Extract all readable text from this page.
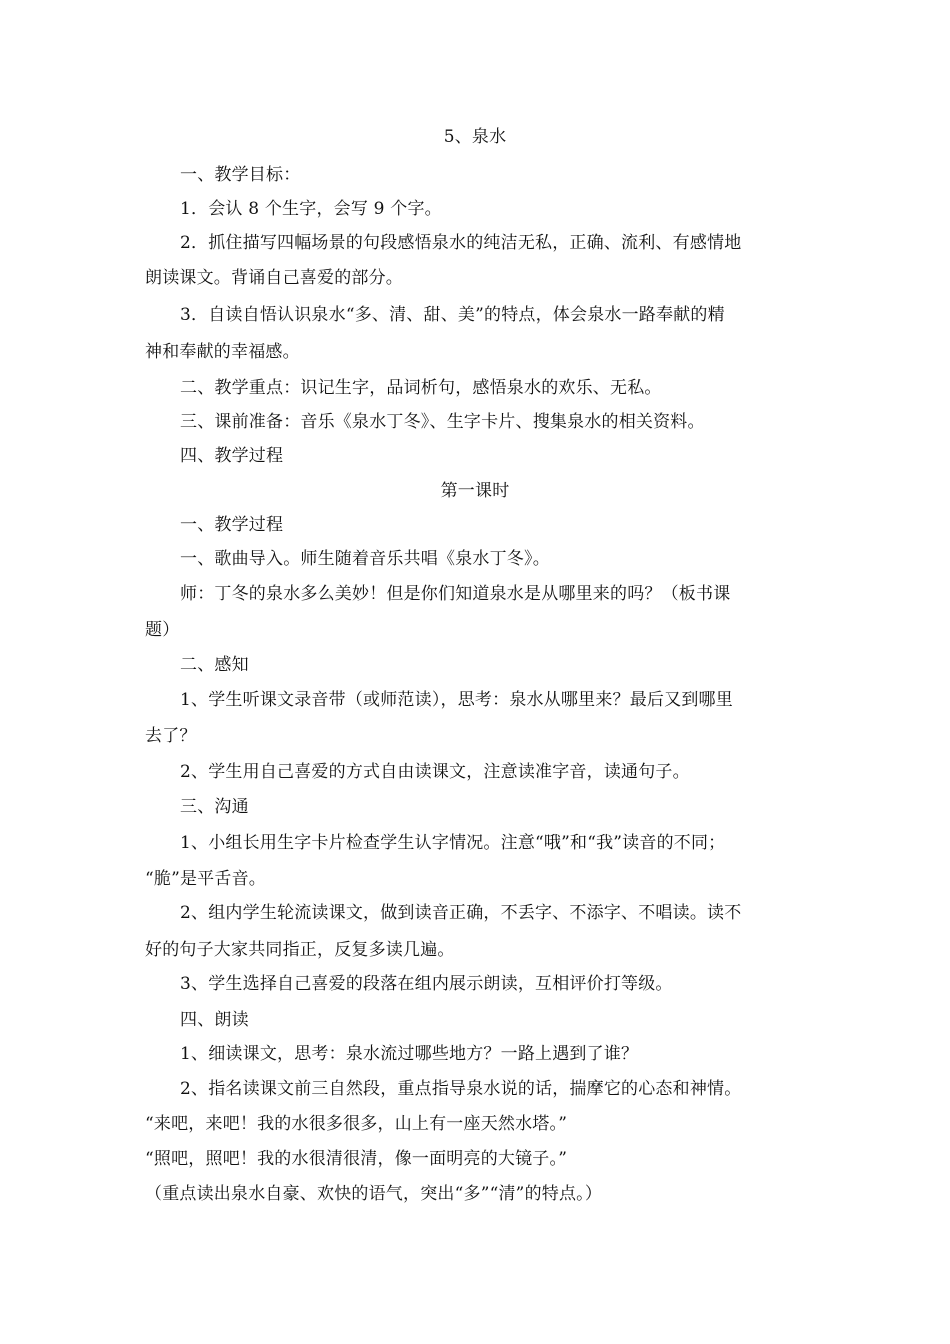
5、泉水
一、教学目标：
1．会认 8 个生字，会写 9 个字。
2．抓住描写四幅场景的句段感悟泉水的纯洁无私，正确、流利、有感情地
朗读课文。背诵自己喜爱的部分。
3．自读自悟认识泉水“多、清、甜、美”的特点，体会泉水一路奉献的精
神和奉献的幸福感。
二、教学重点：识记生字，品词析句，感悟泉水的欢乐、无私。
三、课前准备：音乐《泉水丁冬》、生字卡片、搜集泉水的相关资料。
四、教学过程
第一课时
一、教学过程
一、歌曲导入。师生随着音乐共唱《泉水丁冬》。
师：丁冬的泉水多么美妙！但是你们知道泉水是从哪里来的吗？（板书课
题）
二、感知
1、学生听课文录音带（或师范读），思考：泉水从哪里来？最后又到哪里
去了？
2、学生用自己喜爱的方式自由读课文，注意读准字音，读通句子。
三、沟通
1、小组长用生字卡片检查学生认字情况。注意“哦”和“我”读音的不同；
“脆”是平舌音。
2、组内学生轮流读课文，做到读音正确，不丢字、不添字、不唱读。读不
好的句子大家共同指正，反复多读几遍。
3、学生选择自己喜爱的段落在组内展示朗读，互相评价打等级。
四、朗读
1、细读课文，思考：泉水流过哪些地方？一路上遇到了谁？
2、指名读课文前三自然段，重点指导泉水说的话，揣摩它的心态和神情。
“来吧，来吧！我的水很多很多，山上有一座天然水塔。”
“照吧，照吧！我的水很清很清，像一面明亮的大镜子。”
（重点读出泉水自豪、欢快的语气，突出“多”“清”的特点。）
